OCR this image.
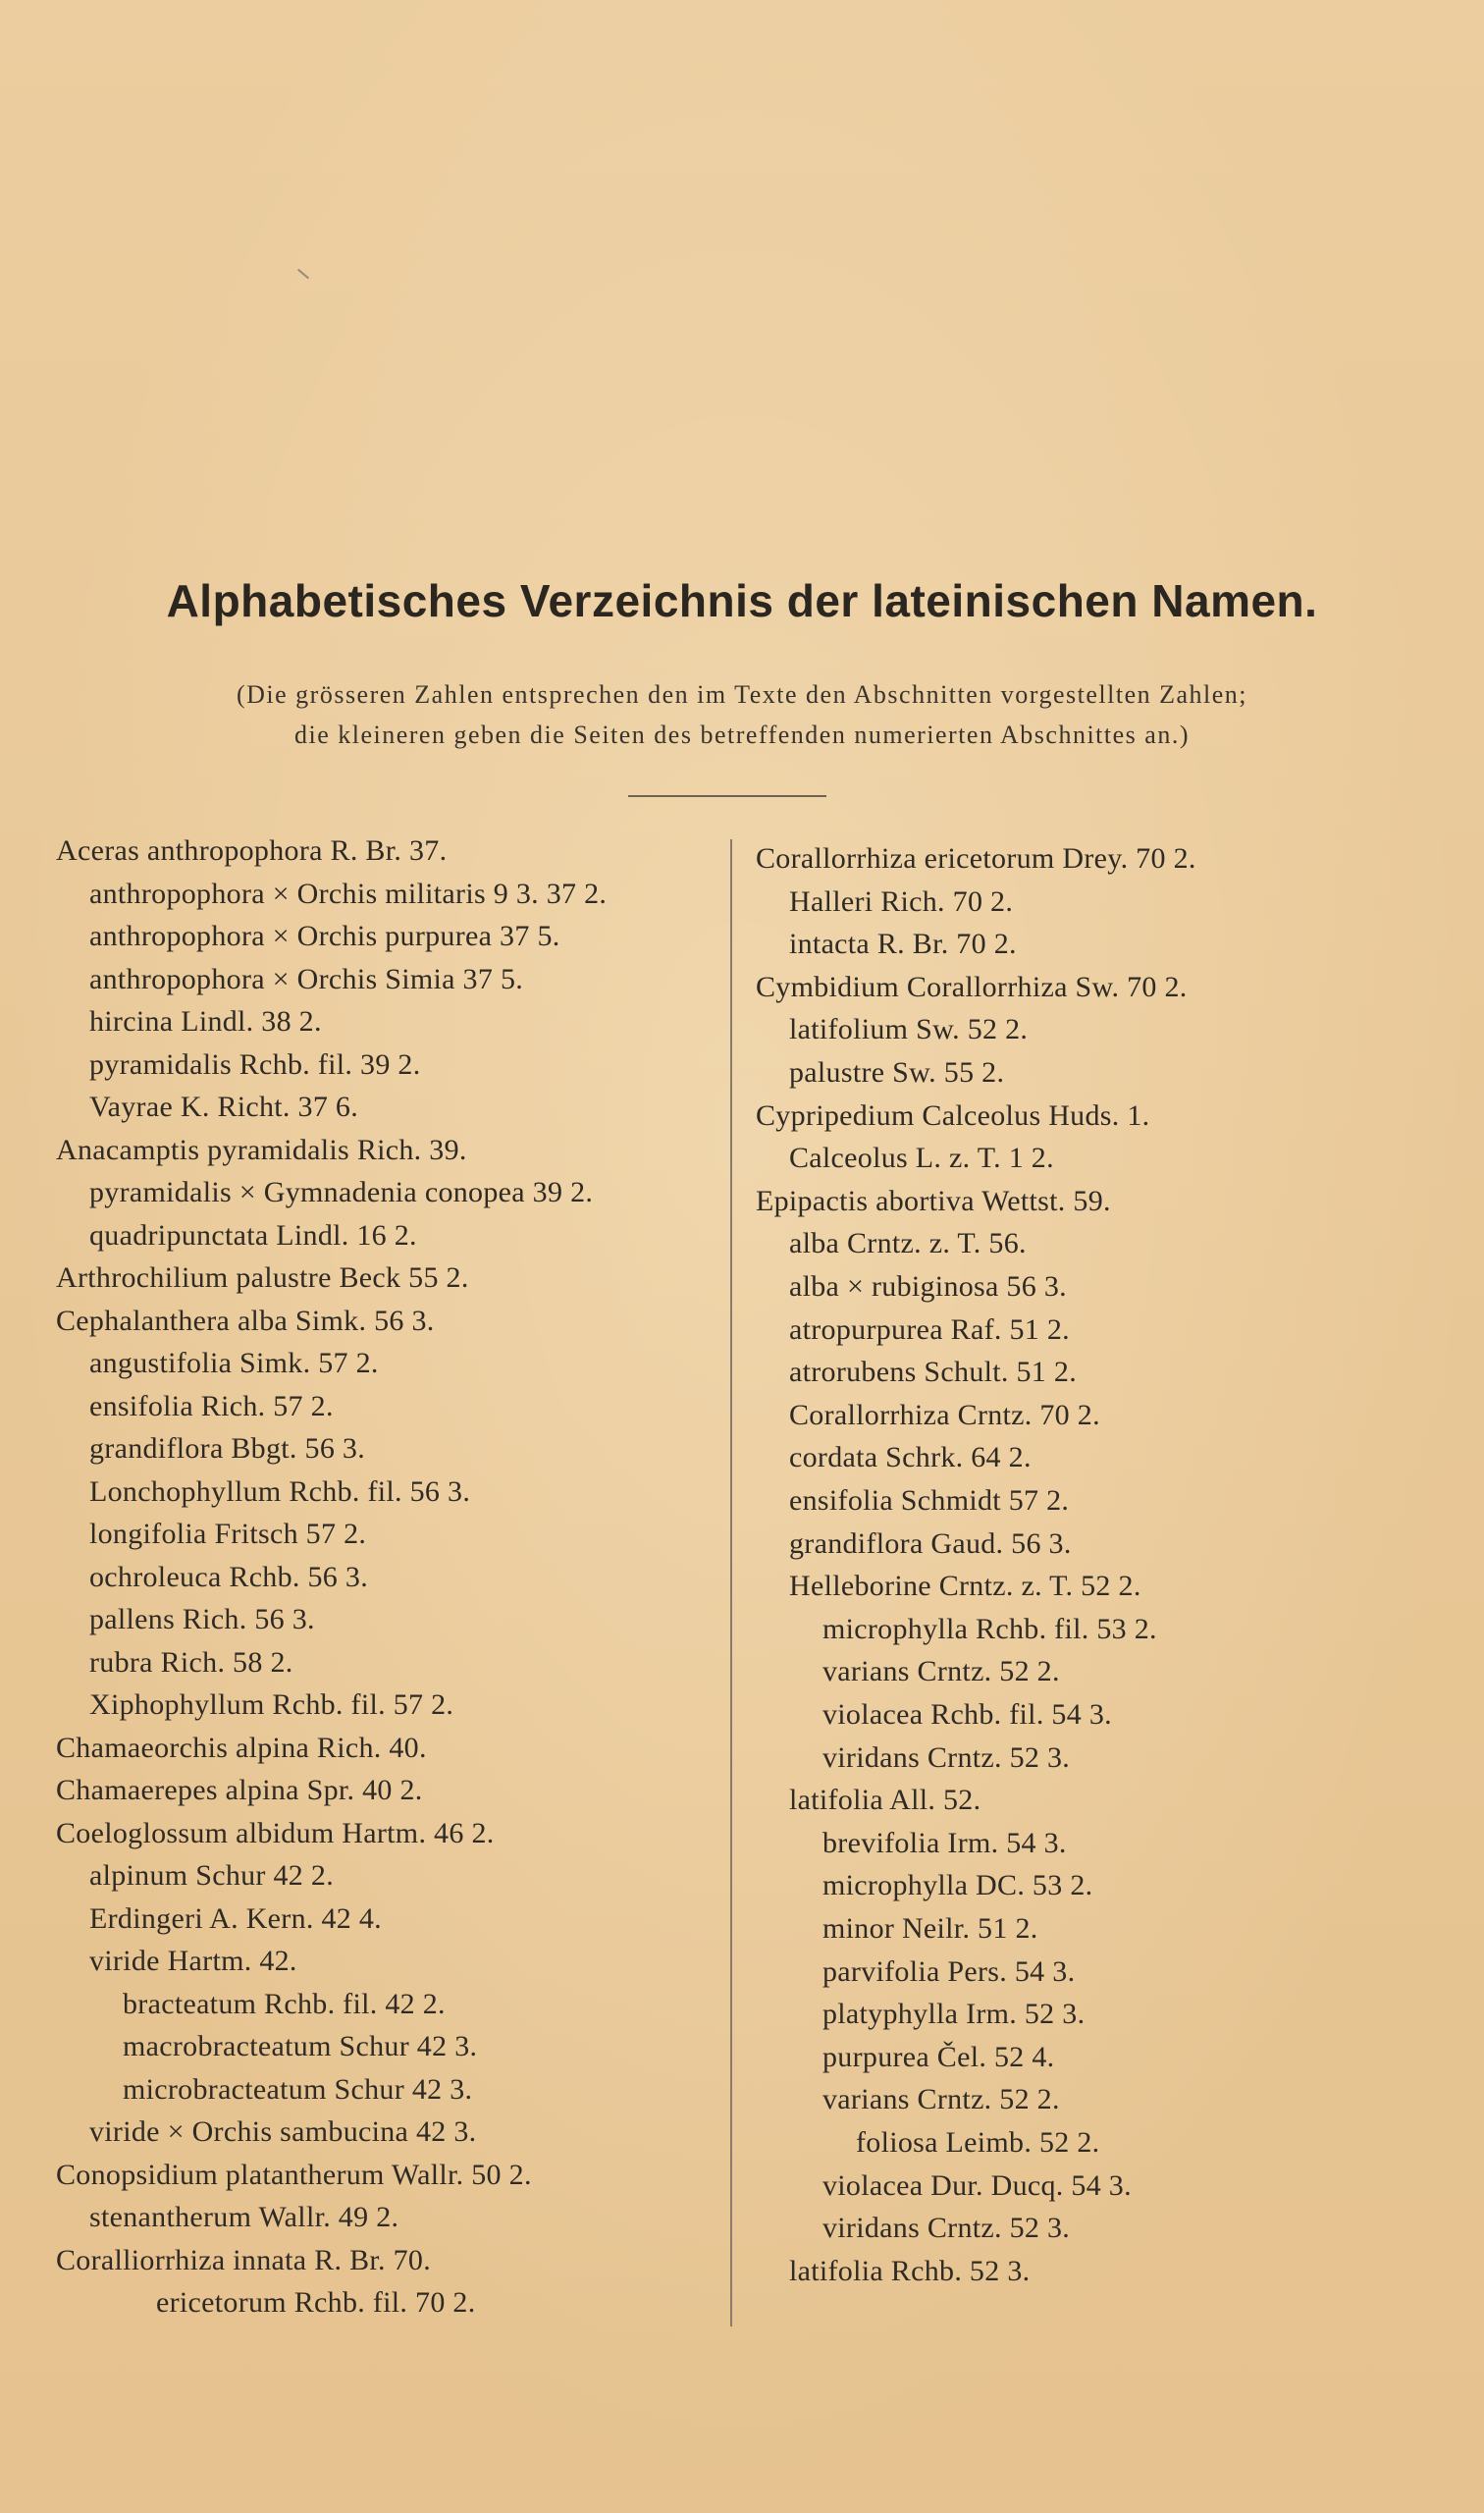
Alphabetisches Verzeichnis der lateinischen Namen.
(Die grösseren Zahlen entsprechen den im Texte den Abschnitten vorgestellten Zahlen;
die kleineren geben die Seiten des betreffenden numerierten Abschnittes an.)
Aceras anthropophora R. Br. 37.
anthropophora × Orchis militaris 9 3. 37 2.
anthropophora × Orchis purpurea 37 5.
anthropophora × Orchis Simia 37 5.
hircina Lindl. 38 2.
pyramidalis Rchb. fil. 39 2.
Vayrae K. Richt. 37 6.
Anacamptis pyramidalis Rich. 39.
pyramidalis × Gymnadenia conopea 39 2.
quadripunctata Lindl. 16 2.
Arthrochilium palustre Beck 55 2.
Cephalanthera alba Simk. 56 3.
angustifolia Simk. 57 2.
ensifolia Rich. 57 2.
grandiflora Bbgt. 56 3.
Lonchophyllum Rchb. fil. 56 3.
longifolia Fritsch 57 2.
ochroleuca Rchb. 56 3.
pallens Rich. 56 3.
rubra Rich. 58 2.
Xiphophyllum Rchb. fil. 57 2.
Chamaeorchis alpina Rich. 40.
Chamaerepes alpina Spr. 40 2.
Coeloglossum albidum Hartm. 46 2.
alpinum Schur 42 2.
Erdingeri A. Kern. 42 4.
viride Hartm. 42.
bracteatum Rchb. fil. 42 2.
macrobracteatum Schur 42 3.
microbracteatum Schur 42 3.
viride × Orchis sambucina 42 3.
Conopsidium platantherum Wallr. 50 2.
stenantherum Wallr. 49 2.
Coralliorrhiza innata R. Br. 70.
ericetorum Rchb. fil. 70 2.
Corallorrhiza ericetorum Drey. 70 2.
Halleri Rich. 70 2.
intacta R. Br. 70 2.
Cymbidium Corallorrhiza Sw. 70 2.
latifolium Sw. 52 2.
palustre Sw. 55 2.
Cypripedium Calceolus Huds. 1.
Calceolus L. z. T. 1 2.
Epipactis abortiva Wettst. 59.
alba Crntz. z. T. 56.
alba × rubiginosa 56 3.
atropurpurea Raf. 51 2.
atrorubens Schult. 51 2.
Corallorrhiza Crntz. 70 2.
cordata Schrk. 64 2.
ensifolia Schmidt 57 2.
grandiflora Gaud. 56 3.
Helleborine Crntz. z. T. 52 2.
microphylla Rchb. fil. 53 2.
varians Crntz. 52 2.
violacea Rchb. fil. 54 3.
viridans Crntz. 52 3.
latifolia All. 52.
brevifolia Irm. 54 3.
microphylla DC. 53 2.
minor Neilr. 51 2.
parvifolia Pers. 54 3.
platyphylla Irm. 52 3.
purpurea Čel. 52 4.
varians Crntz. 52 2.
foliosa Leimb. 52 2.
violacea Dur. Ducq. 54 3.
viridans Crntz. 52 3.
latifolia Rchb. 52 3.
